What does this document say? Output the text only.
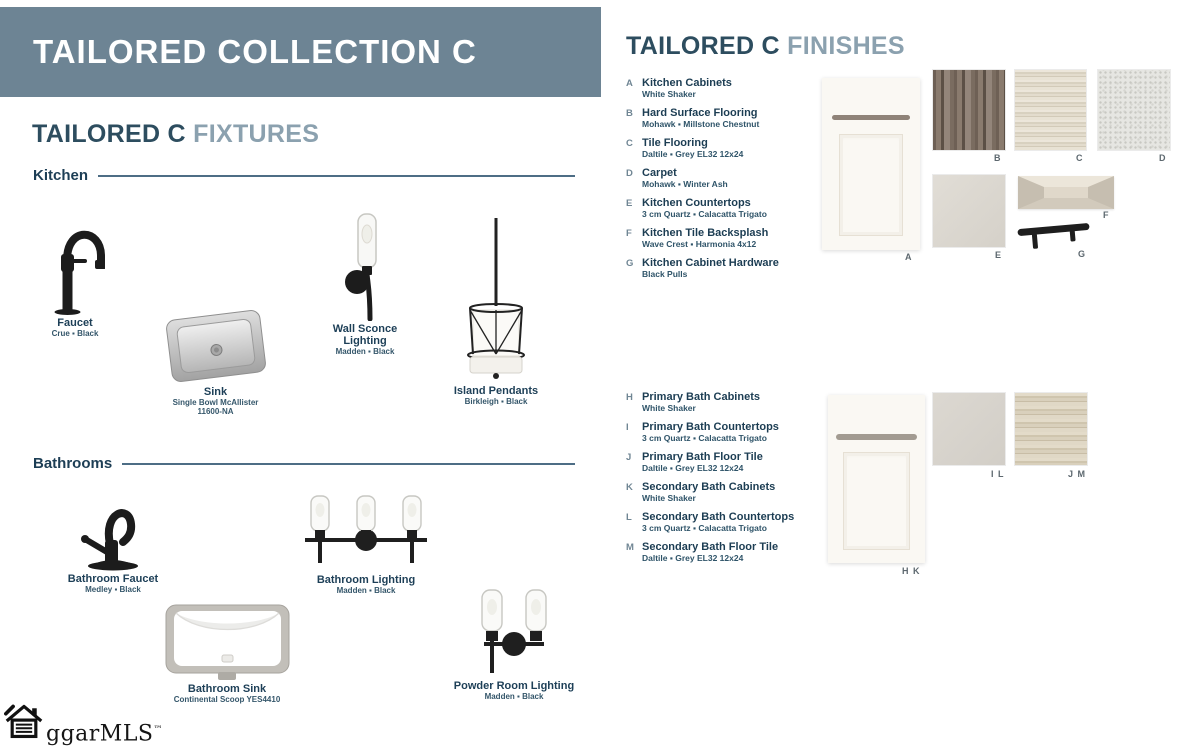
TAILORED COLLECTION C
TAILORED C FIXTURES
Kitchen
Faucet
Crue ▪ Black
Sink
Single Bowl McAllister
11600-NA
Wall Sconce Lighting
Madden ▪ Black
Island Pendants
Birkleigh ▪ Black
Bathrooms
Bathroom Faucet
Medley ▪ Black
Bathroom Lighting
Madden ▪ Black
Bathroom Sink
Continental Scoop YES4410
Powder Room Lighting
Madden ▪ Black
ggarMLS™
TAILORED C FINISHES
A Kitchen Cabinets
White Shaker
B Hard Surface Flooring
Mohawk ▪ Millstone Chestnut
C Tile Flooring
Daltile ▪ Grey EL32 12x24
D Carpet
Mohawk ▪ Winter Ash
E Kitchen Countertops
3 cm Quartz ▪ Calacatta Trigato
F Kitchen Tile Backsplash
Wave Crest ▪ Harmonia 4x12
G Kitchen Cabinet Hardware
Black Pulls
H Primary Bath Cabinets
White Shaker
I	Primary Bath Countertops
3 cm Quartz ▪ Calacatta Trigato
J Primary Bath Floor Tile
Daltile ▪ Grey EL32 12x24
K Secondary Bath Cabinets
White Shaker
L Secondary Bath Countertops
3 cm Quartz ▪ Calacatta Trigato
M Secondary Bath Floor Tile
Daltile ▪ Grey EL32 12x24
A
B	C	D
E
F
G
H K
I L	J M
